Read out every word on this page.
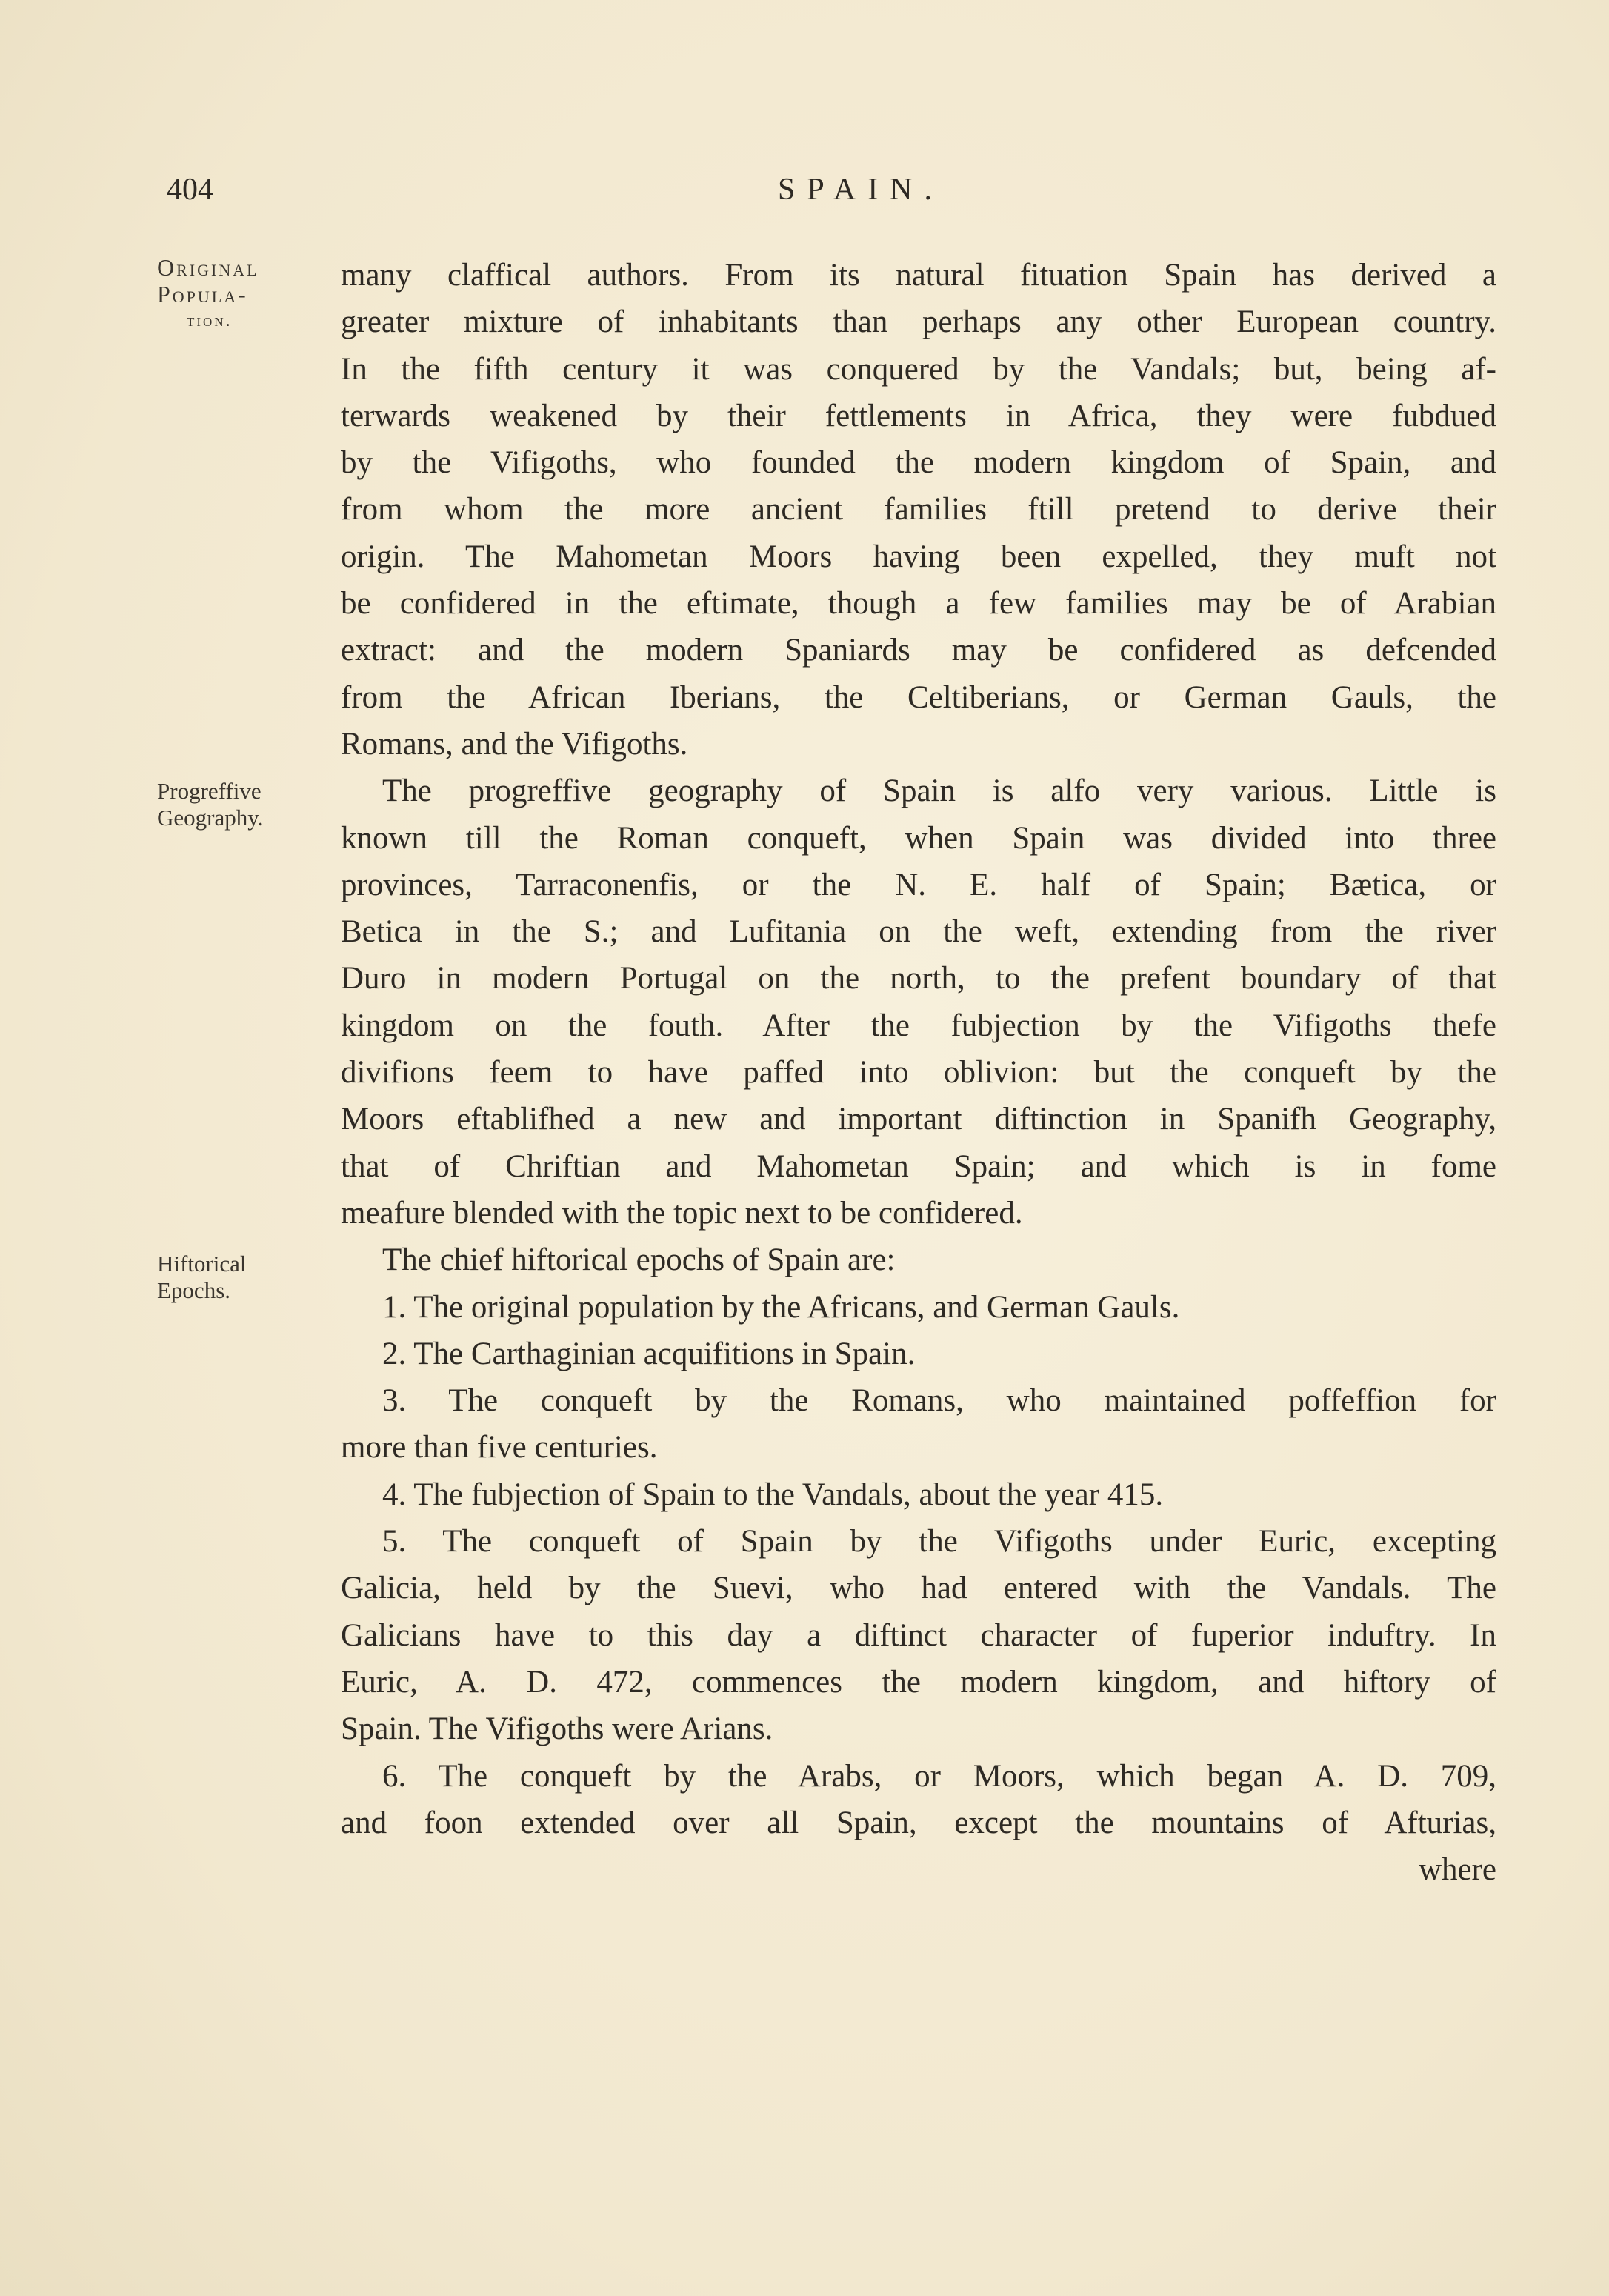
404	SPAIN.
Original
Popula-
tion.
Progreffive
Geography.
Hiftorical
Epochs.
many claffical authors. From its natural fituation Spain has derived a
greater mixture of inhabitants than perhaps any other European country.
In the fifth century it was conquered by the Vandals; but, being af-
terwards weakened by their fettlements in Africa, they were fubdued
by the Vifigoths, who founded the modern kingdom of Spain, and
from whom the more ancient families ftill pretend to derive their
origin. The Mahometan Moors having been expelled, they muft not
be confidered in the eftimate, though a few families may be of Arabian
extract: and the modern Spaniards may be confidered as defcended
from the African Iberians, the Celtiberians, or German Gauls, the
Romans, and the Vifigoths.
The progreffive geography of Spain is alfo very various. Little is
known till the Roman conqueft, when Spain was divided into three
provinces, Tarraconenfis, or the N. E. half of Spain; Bætica, or
Betica in the S.; and Lufitania on the weft, extending from the river
Duro in modern Portugal on the north, to the prefent boundary of that
kingdom on the fouth. After the fubjection by the Vifigoths thefe
divifions feem to have paffed into oblivion: but the conqueft by the
Moors eftablifhed a new and important diftinction in Spanifh Geography,
that of Chriftian and Mahometan Spain; and which is in fome
meafure blended with the topic next to be confidered.
The chief hiftorical epochs of Spain are:
1. The original population by the Africans, and German Gauls.
2. The Carthaginian acquifitions in Spain.
3. The conqueft by the Romans, who maintained poffeffion for
more than five centuries.
4. The fubjection of Spain to the Vandals, about the year 415.
5. The conqueft of Spain by the Vifigoths under Euric, excepting
Galicia, held by the Suevi, who had entered with the Vandals. The
Galicians have to this day a diftinct character of fuperior induftry. In
Euric, A. D. 472, commences the modern kingdom, and hiftory of
Spain. The Vifigoths were Arians.
6. The conqueft by the Arabs, or Moors, which began A. D. 709,
and foon extended over all Spain, except the mountains of Afturias,
where
